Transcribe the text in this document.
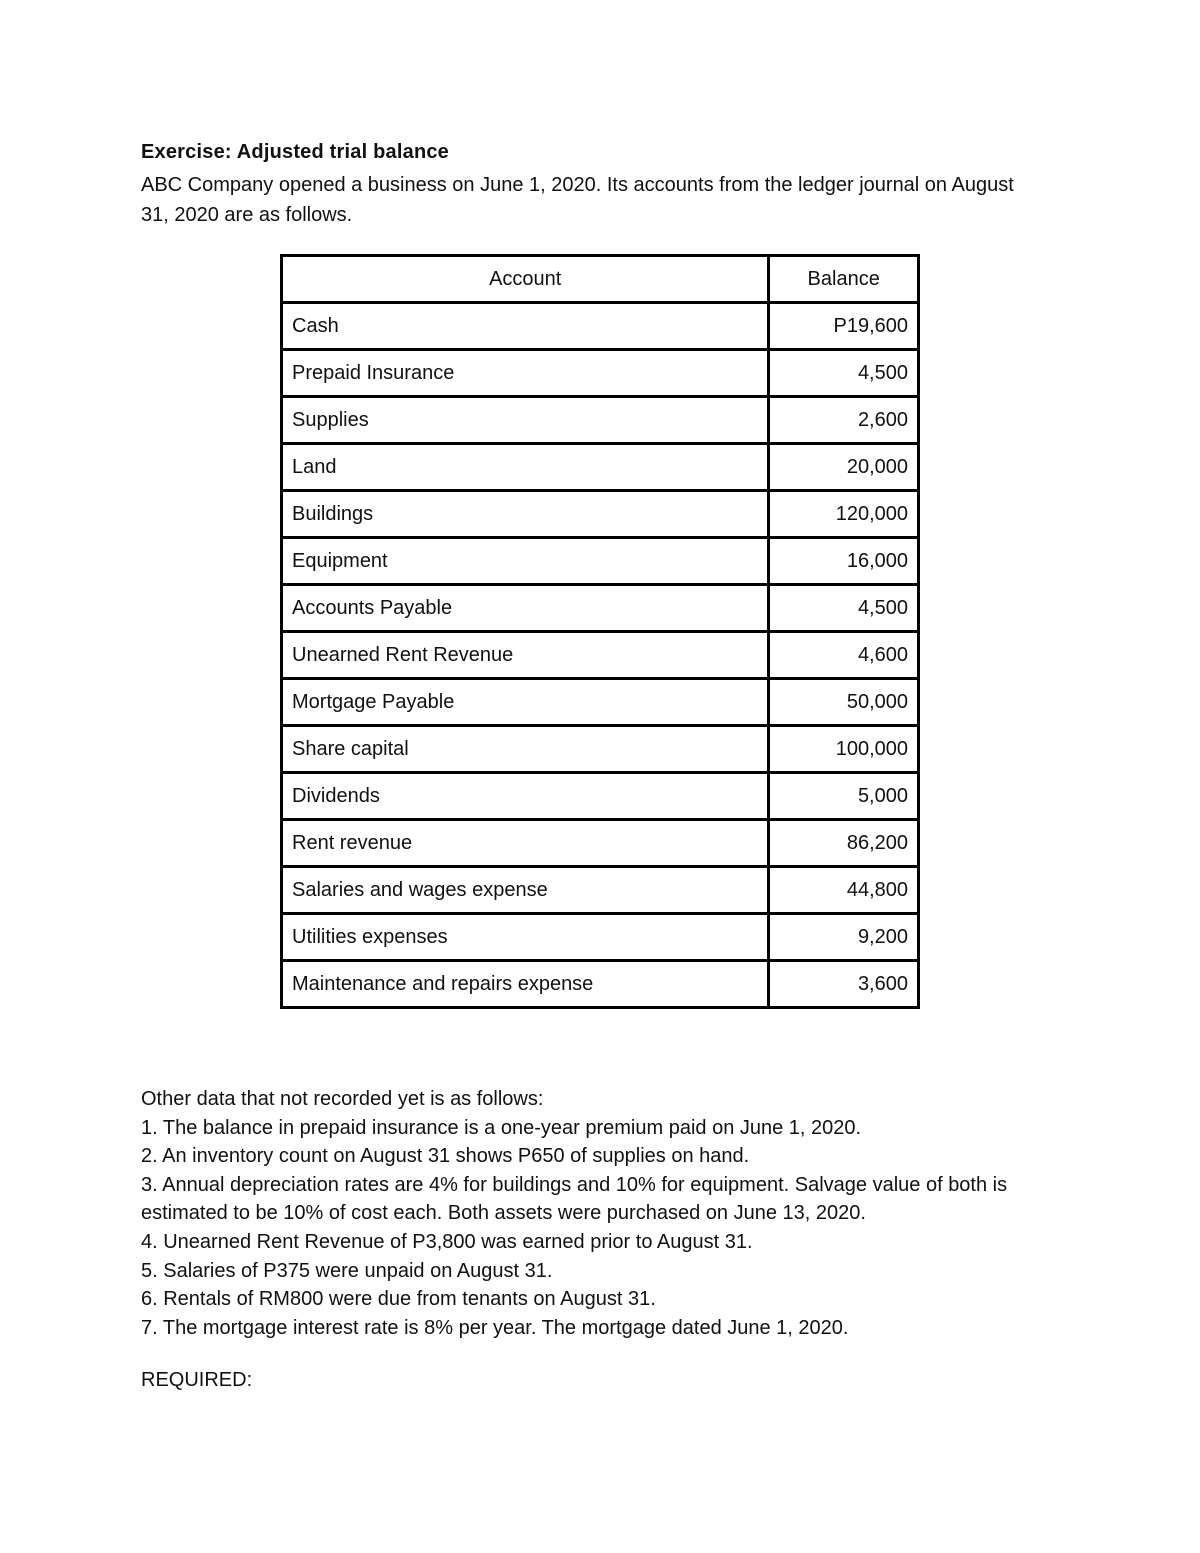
Exercise: Adjusted trial balance
ABC Company opened a business on June 1, 2020. Its accounts from the ledger journal on August 31, 2020 are as follows.
Account	Balance
Cash	P19,600
Prepaid Insurance	4,500
Supplies	2,600
Land	20,000
Buildings	120,000
Equipment	16,000
Accounts Payable	4,500
Unearned Rent Revenue	4,600
Mortgage Payable	50,000
Share capital	100,000
Dividends	5,000
Rent revenue	86,200
Salaries and wages expense	44,800
Utilities expenses	9,200
Maintenance and repairs expense	3,600

Other data that not recorded yet is as follows:

1. The balance in prepaid insurance is a one-year premium paid on June 1, 2020.

2. An inventory count on August 31 shows P650 of supplies on hand.

3. Annual depreciation rates are 4% for buildings and 10% for equipment. Salvage value of both is estimated to be 10% of cost each. Both assets were purchased on June 13, 2020.

4. Unearned Rent Revenue of P3,800 was earned prior to August 31.

5. Salaries of P375 were unpaid on August 31.

6. Rentals of RM800 were due from tenants on August 31.

7. The mortgage interest rate is 8% per year. The mortgage dated June 1, 2020.

REQUIRED:
